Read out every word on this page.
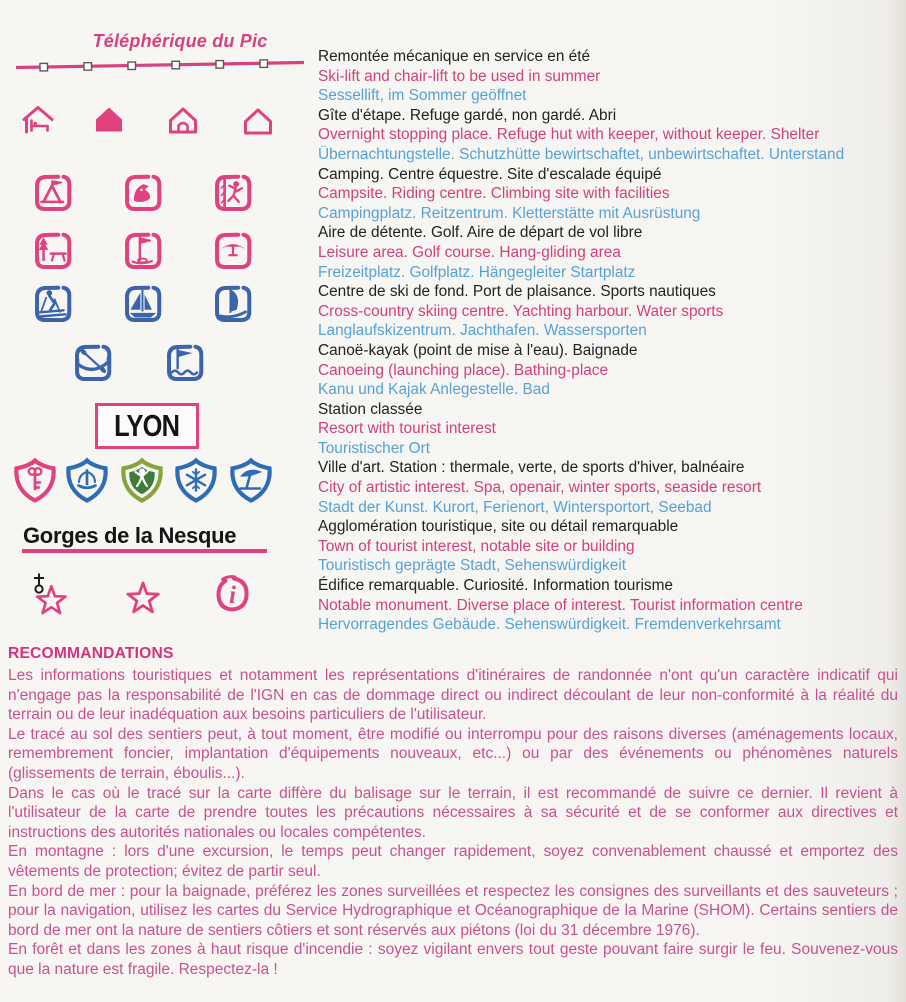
Téléphérique du Pic
LYON
Gorges de la Nesque
i
Remontée mécanique en service en été
Ski-lift and chair-lift to be used in summer
Sessellift, im Sommer geöffnet
Gîte d'étape. Refuge gardé, non gardé. Abri
Overnight stopping place. Refuge hut with keeper, without keeper. Shelter
Übernachtungstelle. Schutzhütte bewirtschaftet, unbewirtschaftet. Unterstand
Camping. Centre équestre. Site d'escalade équipé
Campsite. Riding centre. Climbing site with facilities
Campingplatz. Reitzentrum. Kletterstätte mit Ausrüstung
Aire de détente. Golf. Aire de départ de vol libre
Leisure area. Golf course. Hang-gliding area
Freizeitplatz. Golfplatz. Hängegleiter Startplatz
Centre de ski de fond. Port de plaisance. Sports nautiques
Cross-country skiing centre. Yachting harbour. Water sports
Langlaufskizentrum. Jachthafen. Wassersporten
Canoë-kayak (point de mise à l'eau). Baignade
Canoeing (launching place). Bathing-place
Kanu und Kajak Anlegestelle. Bad
Station classée
Resort with tourist interest
Touristischer Ort
Ville d'art. Station : thermale, verte, de sports d'hiver, balnéaire
City of artistic interest. Spa, openair, winter sports, seaside resort
Stadt der Kunst. Kurort, Ferienort, Wintersportort, Seebad
Agglomération touristique, site ou détail remarquable
Town of tourist interest, notable site or building
Touristisch geprägte Stadt, Sehenswürdigkeit
Édifice remarquable. Curiosité. Information tourisme
Notable monument. Diverse place of interest. Tourist information centre
Hervorragendes Gebäude. Sehenswürdigkeit. Fremdenverkehrsamt
RECOMMANDATIONS

Les informations touristiques et notamment les représentations d'itinéraires de randonnée n'ont qu'un caractère indicatif qui n'engage pas la responsabilité de l'IGN en cas de dommage direct ou indirect découlant de leur non-conformité à la réalité du terrain ou de leur inadéquation aux besoins particuliers de l'utilisateur.

Le tracé au sol des sentiers peut, à tout moment, être modifié ou interrompu pour des raisons diverses (aménagements locaux, remembrement foncier, implantation d'équipements nouveaux, etc...) ou par des événements ou phénomènes naturels (glissements de terrain, éboulis...).

Dans le cas où le tracé sur la carte diffère du balisage sur le terrain, il est recommandé de suivre ce dernier. Il revient à l'utilisateur de la carte de prendre toutes les précautions nécessaires à sa sécurité et de se conformer aux directives et instructions des autorités nationales ou locales compétentes.

En montagne : lors d'une excursion, le temps peut changer rapidement, soyez convenablement chaussé et emportez des vêtements de protection; évitez de partir seul.

En bord de mer : pour la baignade, préférez les zones surveillées et respectez les consignes des surveillants et des sauveteurs ; pour la navigation, utilisez les cartes du Service Hydrographique et Océanographique de la Marine (SHOM). Certains sentiers de bord de mer ont la nature de sentiers côtiers et sont réservés aux piétons (loi du 31 décembre 1976).

En forêt et dans les zones à haut risque d'incendie : soyez vigilant envers tout geste pouvant faire surgir le feu. Souvenez-vous que la nature est fragile. Respectez-la !
